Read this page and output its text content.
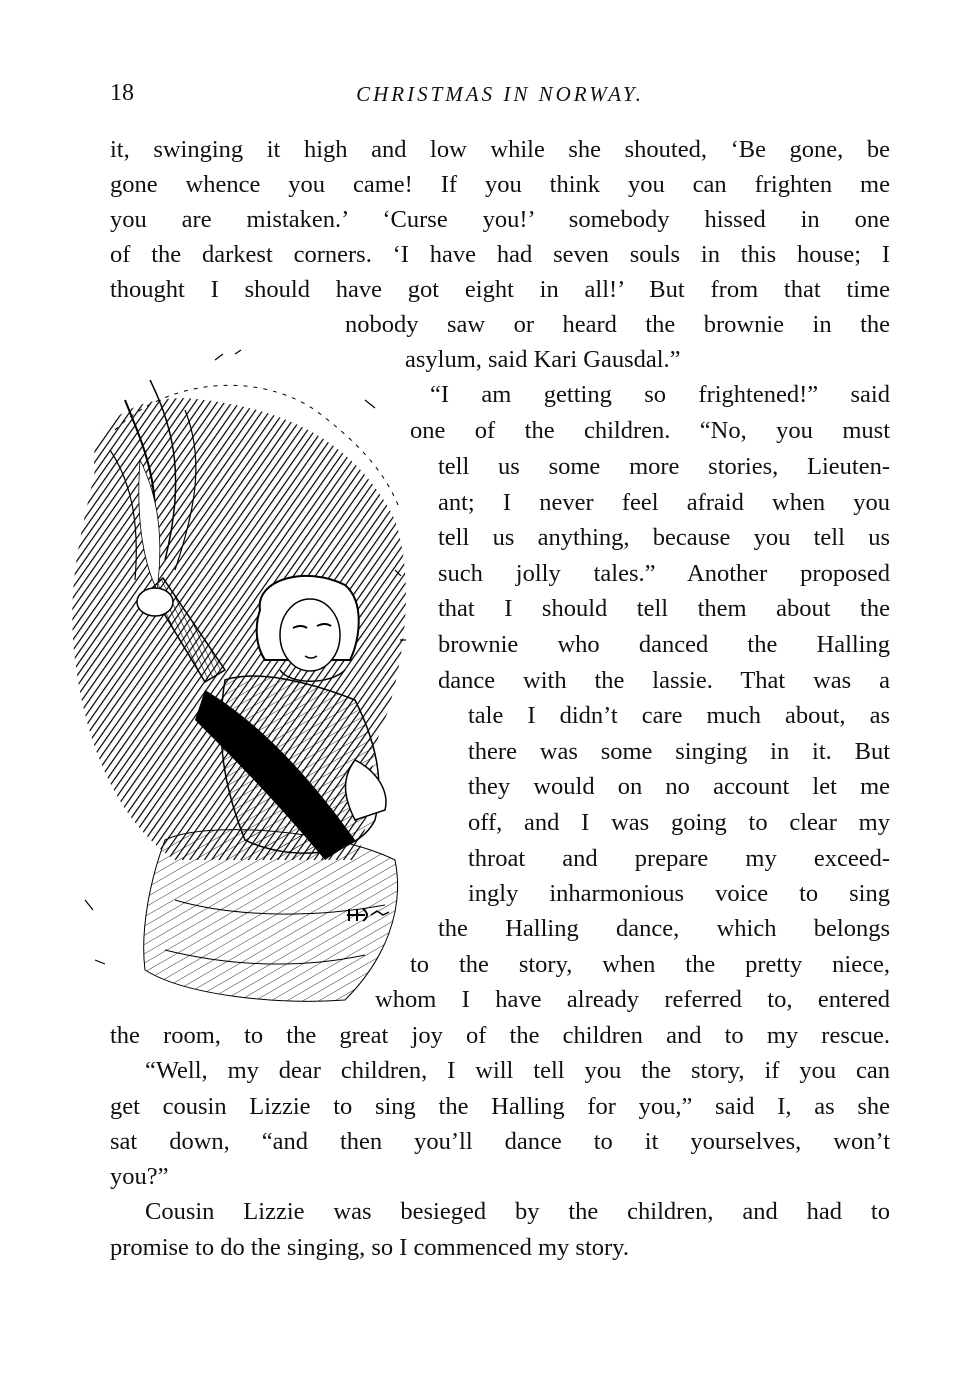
18	CHRISTMAS IN NORWAY.
it, swinging it high and low while she shouted, ‘Be gone, be
gone whence you came! If you think you can frighten me
you are mistaken.’ ‘Curse you!’ somebody hissed in one
of the darkest corners. ‘I have had seven souls in this house; I
thought I should have got eight in all!’ But from that time
nobody saw or heard the brownie in the
asylum, said Kari Gausdal.”
“I am getting so frightened!” said
one of the children. “No, you must
tell us some more stories, Lieuten-
ant; I never feel afraid when you
tell us anything, because you tell us
such jolly tales.” Another proposed
that I should tell them about the
brownie who danced the Halling
dance with the lassie. That was a
tale I didn’t care much about, as
there was some singing in it. But
they would on no account let me
off, and I was going to clear my
throat and prepare my exceed-
ingly inharmonious voice to sing
the Halling dance, which belongs
to the story, when the pretty niece,
whom I have already referred to, entered
the room, to the great joy of the children and to my rescue.
“Well, my dear children, I will tell you the story, if you can
get cousin Lizzie to sing the Halling for you,” said I, as she
sat down, “and then you’ll dance to it yourselves, won’t
you?”
Cousin Lizzie was besieged by the children, and had to
promise to do the singing, so I commenced my story.
